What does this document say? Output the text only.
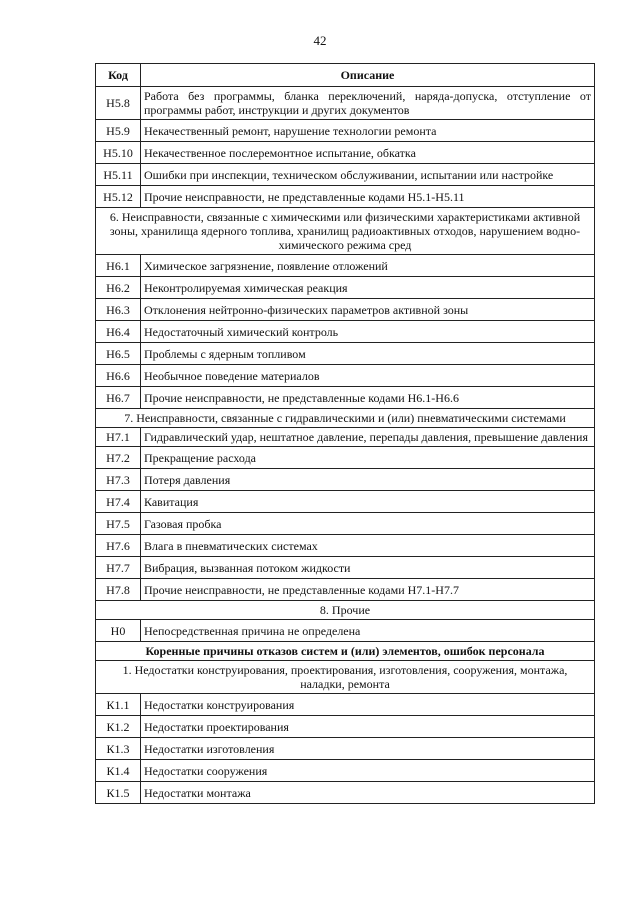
42
Код	Описание
Н5.8	Работа без программы, бланка переключений, наряда-допуска, отступление от программы работ, инструкции и других документов
Н5.9	Некачественный ремонт, нарушение технологии ремонта
Н5.10	Некачественное послеремонтное испытание, обкатка
Н5.11	Ошибки при инспекции, техническом обслуживании, испытании или настройке
Н5.12	Прочие неисправности, не представленные кодами Н5.1-Н5.11
6. Неисправности, связанные с химическими или физическими характеристиками активной зоны, хранилища ядерного топлива, хранилищ радиоактивных отходов, нарушением водно-химического режима сред	
Н6.1	Химическое загрязнение, появление отложений
Н6.2	Неконтролируемая химическая реакция
Н6.3	Отклонения нейтронно-физических параметров активной зоны
Н6.4	Недостаточный химический контроль
Н6.5	Проблемы с ядерным топливом
Н6.6	Необычное поведение материалов
Н6.7	Прочие неисправности, не представленные кодами Н6.1-Н6.6
7. Неисправности, связанные с гидравлическими и (или) пневматическими системами	
Н7.1	Гидравлический удар, нештатное давление, перепады давления, превышение давления
Н7.2	Прекращение расхода
Н7.3	Потеря давления
Н7.4	Кавитация
Н7.5	Газовая пробка
Н7.6	Влага в пневматических системах
Н7.7	Вибрация, вызванная потоком жидкости
Н7.8	Прочие неисправности, не представленные кодами Н7.1-Н7.7
8. Прочие	
Н0	Непосредственная причина не определена
Коренные причины отказов систем и (или) элементов, ошибок персонала	
1. Недостатки конструирования, проектирования, изготовления, сооружения, монтажа, наладки, ремонта	
К1.1	Недостатки конструирования
К1.2	Недостатки проектирования
К1.3	Недостатки изготовления
К1.4	Недостатки сооружения
К1.5	Недостатки монтажа
